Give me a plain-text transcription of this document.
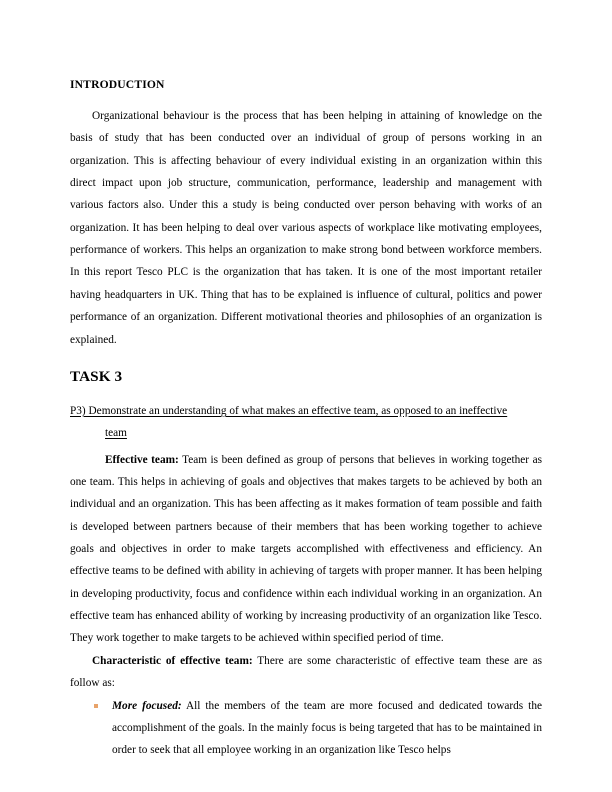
INTRODUCTION

Organizational behaviour is the process that has been helping in attaining of knowledge on the basis of study that has been conducted over an individual of group of persons working in an organization. This is affecting behaviour of every individual existing in an organization within this direct impact upon job structure, communication, performance, leadership and management with various factors also. Under this a study is being conducted over person behaving with works of an organization. It has been helping to deal over various aspects of workplace like motivating employees, performance of workers. This helps an organization to make strong bond between workforce members. In this report Tesco PLC is the organization that has taken. It is one of the most important retailer having headquarters in UK. Thing that has to be explained is influence of cultural, politics and power performance of an organization. Different motivational theories and philosophies of an organization is explained.

TASK 3
P3) Demonstrate an understanding of what makes an effective team, as opposed to an ineffective
team

Effective team: Team is been defined as group of persons that believes in working together as one team. This helps in achieving of goals and objectives that makes targets to be achieved by both an individual and an organization. This has been affecting as it makes formation of team possible and faith is developed between partners because of their members that has been working together to achieve goals and objectives in order to make targets accomplished with effectiveness and efficiency. An effective teams to be defined with ability in achieving of targets with proper manner. It has been helping in developing productivity, focus and confidence within each individual working in an organization. An effective team has enhanced ability of working by increasing productivity of an organization like Tesco. They work together to make targets to be achieved within specified period of time.

Characteristic of effective team: There are some characteristic of effective team these are as follow as:

More focused: All the members of the team are more focused and dedicated towards the accomplishment of the goals. In the mainly focus is being targeted that has to be maintained in order to seek that all employee working in an organization like Tesco helps
